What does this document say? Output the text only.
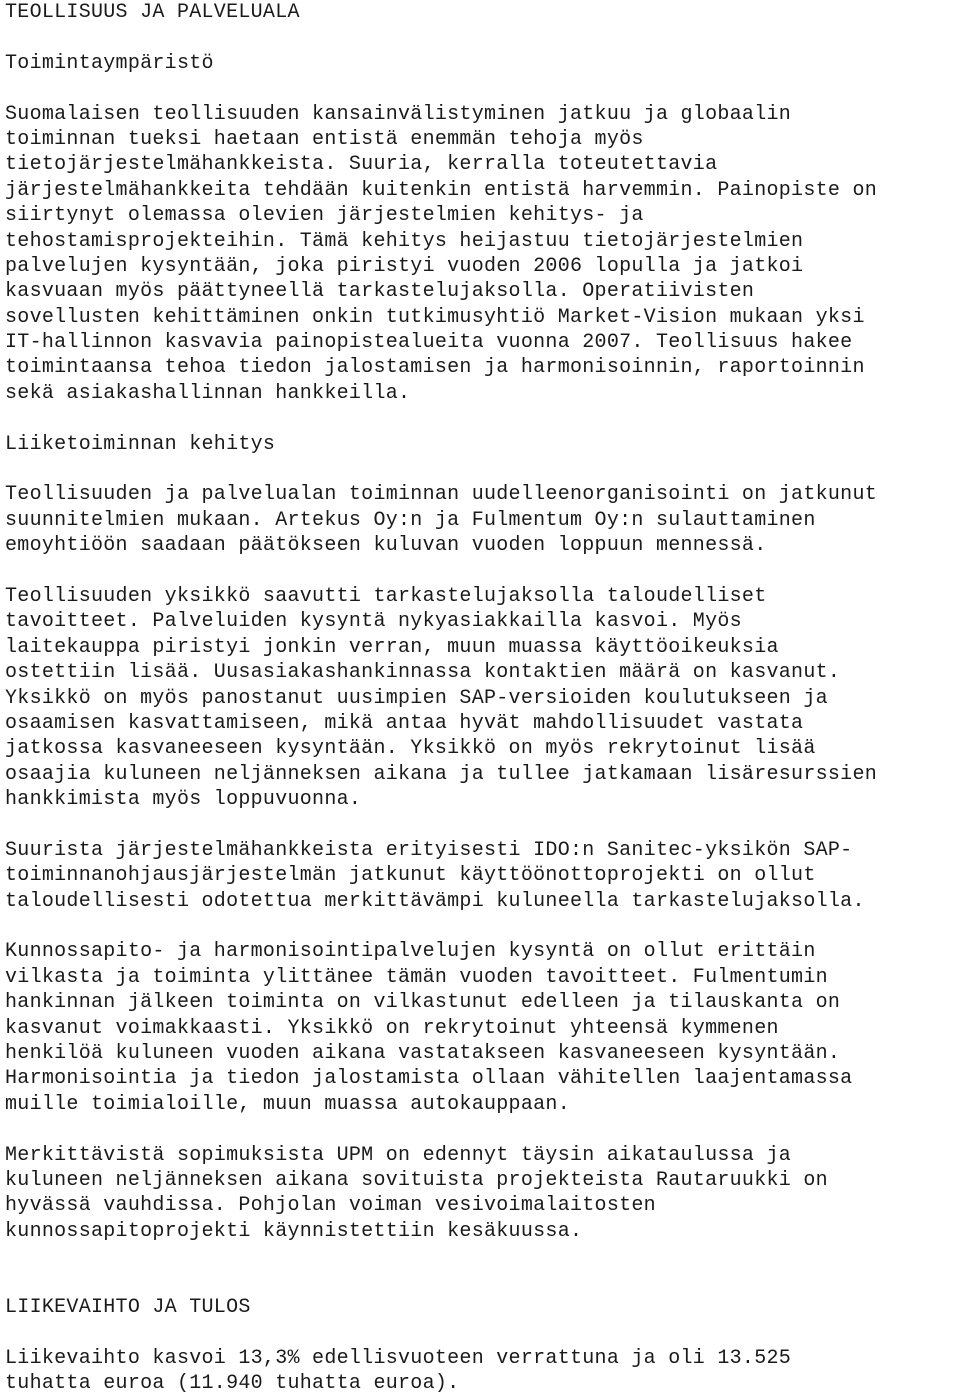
TEOLLISUUS JA PALVELUALA
Toimintaympäristö
Suomalaisen teollisuuden kansainvälistyminen jatkuu ja globaalin
toiminnan tueksi haetaan entistä enemmän tehoja myös
tietojärjestelmähankkeista. Suuria, kerralla toteutettavia
järjestelmähankkeita tehdään kuitenkin entistä harvemmin. Painopiste on
siirtynyt olemassa olevien järjestelmien kehitys- ja
tehostamisprojekteihin. Tämä kehitys heijastuu tietojärjestelmien
palvelujen kysyntään, joka piristyi vuoden 2006 lopulla ja jatkoi
kasvuaan myös päättyneellä tarkastelujaksolla. Operatiivisten
sovellusten kehittäminen onkin tutkimusyhtiö Market-Vision mukaan yksi
IT-hallinnon kasvavia painopistealueita vuonna 2007. Teollisuus hakee
toimintaansa tehoa tiedon jalostamisen ja harmonisoinnin, raportoinnin
sekä asiakashallinnan hankkeilla.
Liiketoiminnan kehitys
Teollisuuden ja palvelualan toiminnan uudelleenorganisointi on jatkunut
suunnitelmien mukaan. Artekus Oy:n ja Fulmentum Oy:n sulauttaminen
emoyhtiöön saadaan päätökseen kuluvan vuoden loppuun mennessä.
Teollisuuden yksikkö saavutti tarkastelujaksolla taloudelliset
tavoitteet. Palveluiden kysyntä nykyasiakkailla kasvoi. Myös
laitekauppa piristyi jonkin verran, muun muassa käyttöoikeuksia
ostettiin lisää. Uusasiakashankinnassa kontaktien määrä on kasvanut.
Yksikkö on myös panostanut uusimpien SAP-versioiden koulutukseen ja
osaamisen kasvattamiseen, mikä antaa hyvät mahdollisuudet vastata
jatkossa kasvaneeseen kysyntään. Yksikkö on myös rekrytoinut lisää
osaajia kuluneen neljänneksen aikana ja tullee jatkamaan lisäresurssien
hankkimista myös loppuvuonna.
Suurista järjestelmähankkeista erityisesti IDO:n Sanitec-yksikön SAP-
toiminnanohjausjärjestelmän jatkunut käyttöönottoprojekti on ollut
taloudellisesti odotettua merkittävämpi kuluneella tarkastelujaksolla.
Kunnossapito- ja harmonisointipalvelujen kysyntä on ollut erittäin
vilkasta ja toiminta ylittänee tämän vuoden tavoitteet. Fulmentumin
hankinnan jälkeen toiminta on vilkastunut edelleen ja tilauskanta on
kasvanut voimakkaasti. Yksikkö on rekrytoinut yhteensä kymmenen
henkilöä kuluneen vuoden aikana vastatakseen kasvaneeseen kysyntään.
Harmonisointia ja tiedon jalostamista ollaan vähitellen laajentamassa
muille toimialoille, muun muassa autokauppaan.
Merkittävistä sopimuksista UPM on edennyt täysin aikataulussa ja
kuluneen neljänneksen aikana sovituista projekteista Rautaruukki on
hyvässä vauhdissa. Pohjolan voiman vesivoimalaitosten
kunnossapitoprojekti käynnistettiin kesäkuussa.
LIIKEVAIHTO JA TULOS
Liikevaihto kasvoi 13,3% edellisvuoteen verrattuna ja oli 13.525
tuhatta euroa (11.940 tuhatta euroa).
